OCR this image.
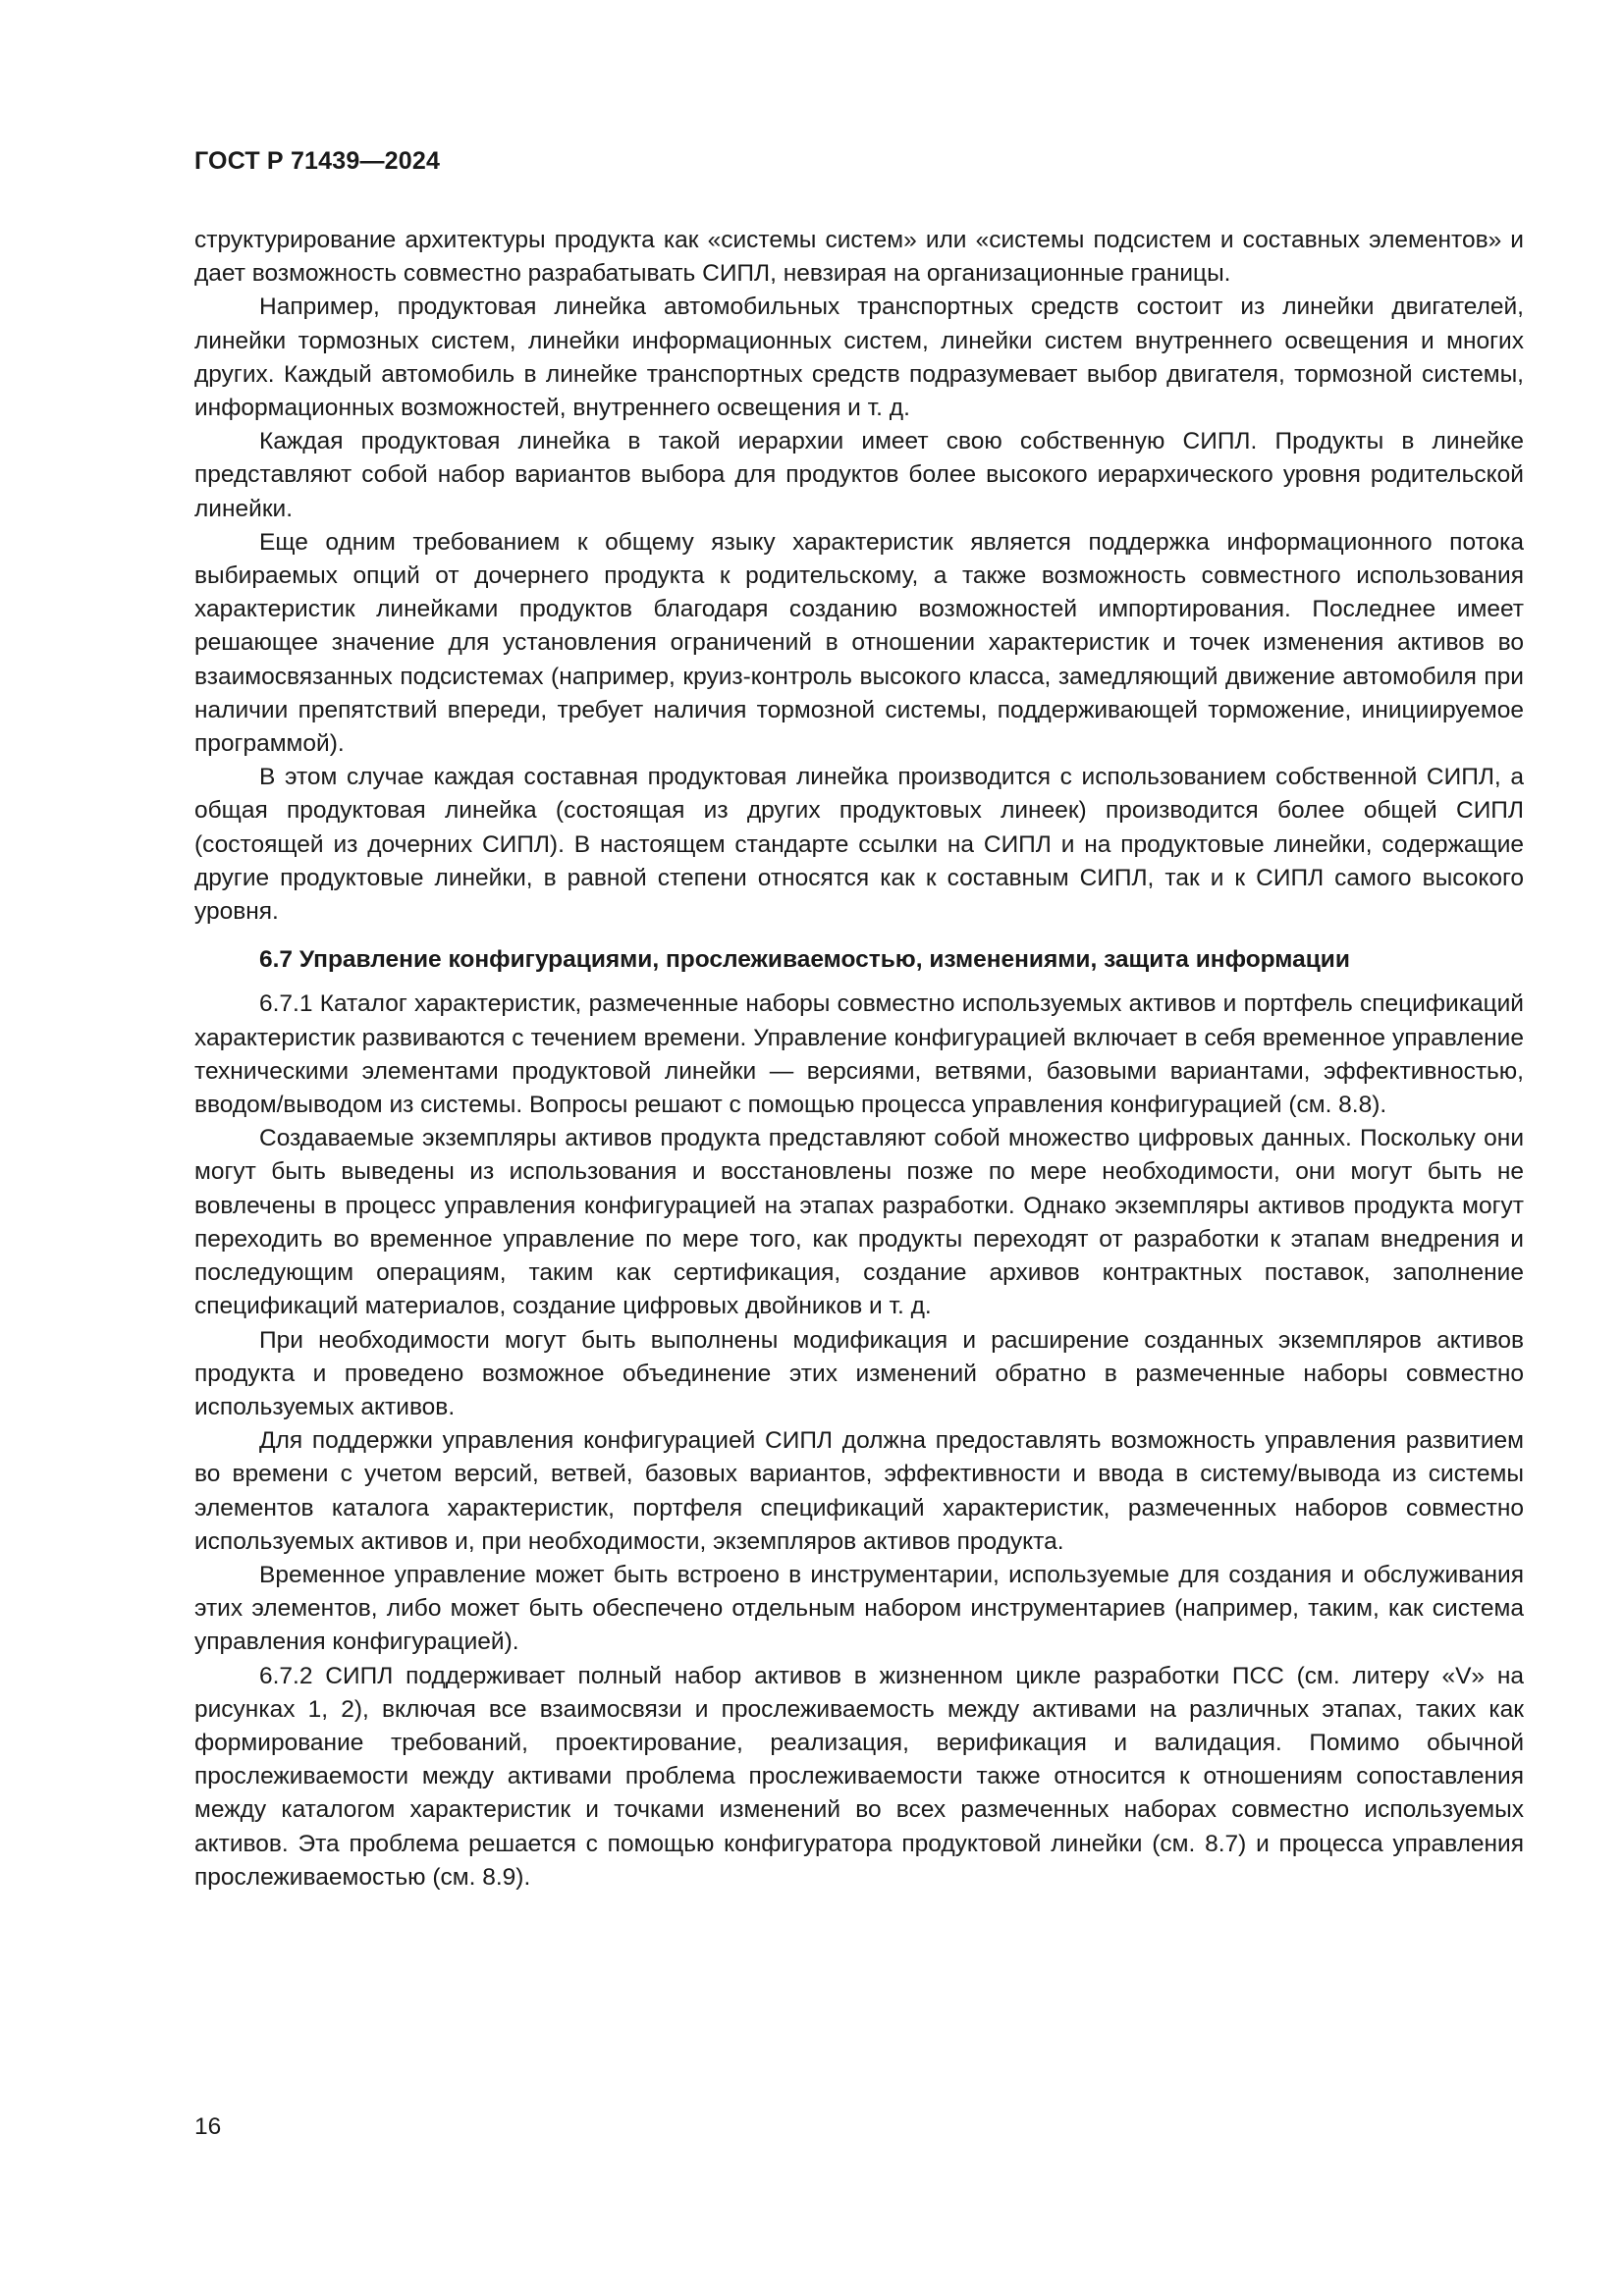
ГОСТ Р 71439—2024

структурирование архитектуры продукта как «системы систем» или «системы подсистем и составных элементов» и дает возможность совместно разрабатывать СИПЛ, невзирая на организационные границы.

Например, продуктовая линейка автомобильных транспортных средств состоит из линейки двигателей, линейки тормозных систем, линейки информационных систем, линейки систем внутреннего освещения и многих других. Каждый автомобиль в линейке транспортных средств подразумевает выбор двигателя, тормозной системы, информационных возможностей, внутреннего освещения и т. д.

Каждая продуктовая линейка в такой иерархии имеет свою собственную СИПЛ. Продукты в линейке представляют собой набор вариантов выбора для продуктов более высокого иерархического уровня родительской линейки.

Еще одним требованием к общему языку характеристик является поддержка информационного потока выбираемых опций от дочернего продукта к родительскому, а также возможность совместного использования характеристик линейками продуктов благодаря созданию возможностей импортирования. Последнее имеет решающее значение для установления ограничений в отношении характеристик и точек изменения активов во взаимосвязанных подсистемах (например, круиз-контроль высокого класса, замедляющий движение автомобиля при наличии препятствий впереди, требует наличия тормозной системы, поддерживающей торможение, инициируемое программой).

В этом случае каждая составная продуктовая линейка производится с использованием собственной СИПЛ, а общая продуктовая линейка (состоящая из других продуктовых линеек) производится более общей СИПЛ (состоящей из дочерних СИПЛ). В настоящем стандарте ссылки на СИПЛ и на продуктовые линейки, содержащие другие продуктовые линейки, в равной степени относятся как к составным СИПЛ, так и к СИПЛ самого высокого уровня.

6.7 Управление конфигурациями, прослеживаемостью, изменениями, защита информации

6.7.1 Каталог характеристик, размеченные наборы совместно используемых активов и портфель спецификаций характеристик развиваются с течением времени. Управление конфигурацией включает в себя временное управление техническими элементами продуктовой линейки — версиями, ветвями, базовыми вариантами, эффективностью, вводом/выводом из системы. Вопросы решают с помощью процесса управления конфигурацией (см. 8.8).

Создаваемые экземпляры активов продукта представляют собой множество цифровых данных. Поскольку они могут быть выведены из использования и восстановлены позже по мере необходимости, они могут быть не вовлечены в процесс управления конфигурацией на этапах разработки. Однако экземпляры активов продукта могут переходить во временное управление по мере того, как продукты переходят от разработки к этапам внедрения и последующим операциям, таким как сертификация, создание архивов контрактных поставок, заполнение спецификаций материалов, создание цифровых двойников и т. д.

При необходимости могут быть выполнены модификация и расширение созданных экземпляров активов продукта и проведено возможное объединение этих изменений обратно в размеченные наборы совместно используемых активов.

Для поддержки управления конфигурацией СИПЛ должна предоставлять возможность управления развитием во времени с учетом версий, ветвей, базовых вариантов, эффективности и ввода в систему/вывода из системы элементов каталога характеристик, портфеля спецификаций характеристик, размеченных наборов совместно используемых активов и, при необходимости, экземпляров активов продукта.

Временное управление может быть встроено в инструментарии, используемые для создания и обслуживания этих элементов, либо может быть обеспечено отдельным набором инструментариев (например, таким, как система управления конфигурацией).

6.7.2 СИПЛ поддерживает полный набор активов в жизненном цикле разработки ПСС (см. литеру «V» на рисунках 1, 2), включая все взаимосвязи и прослеживаемость между активами на различных этапах, таких как формирование требований, проектирование, реализация, верификация и валидация. Помимо обычной прослеживаемости между активами проблема прослеживаемости также относится к отношениям сопоставления между каталогом характеристик и точками изменений во всех размеченных наборах совместно используемых активов. Эта проблема решается с помощью конфигуратора продуктовой линейки (см. 8.7) и процесса управления прослеживаемостью (см. 8.9).

16
